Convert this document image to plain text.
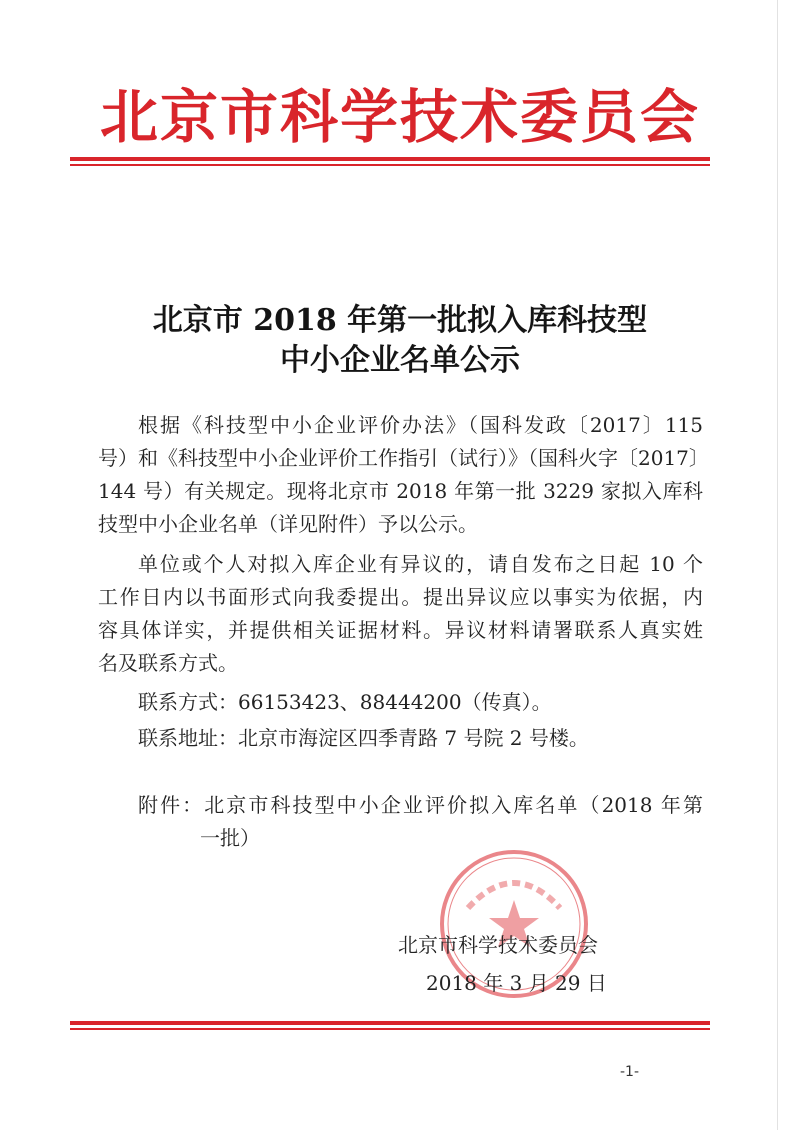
北京市科学技术委员会
北京市 2018 年第一批拟入库科技型
中小企业名单公示
根据《科技型中小企业评价办法》（国科发政〔2017〕115
号）和《科技型中小企业评价工作指引（试行）》（国科火字〔2017〕
144 号）有关规定。现将北京市 2018 年第一批 3229 家拟入库科
技型中小企业名单（详见附件）予以公示。
单位或个人对拟入库企业有异议的，请自发布之日起 10 个
工作日内以书面形式向我委提出。提出异议应以事实为依据，内
容具体详实，并提供相关证据材料。异议材料请署联系人真实姓
名及联系方式。
联系方式：66153423、88444200（传真）。
联系地址：北京市海淀区四季青路 7 号院 2 号楼。
附件：北京市科技型中小企业评价拟入库名单（2018 年第
一批）
北京市科学技术委员会
2018 年 3 月 29 日
-1-
